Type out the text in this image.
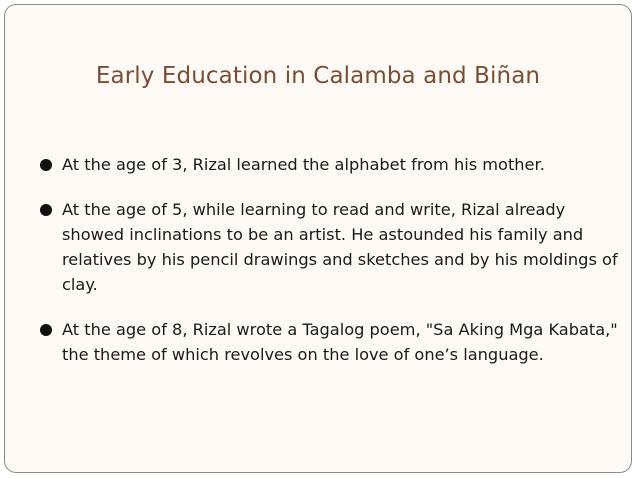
Early Education in Calamba and Biñan
At the age of 3, Rizal learned the alphabet from his mother.
At the age of 5, while learning to read and write, Rizal already showed inclinations to be an artist. He astounded his family and relatives by his pencil drawings and sketches and by his moldings of clay.
At the age of 8, Rizal wrote a Tagalog poem, "Sa Aking Mga Kabata," the theme of which revolves on the love of one’s language.
